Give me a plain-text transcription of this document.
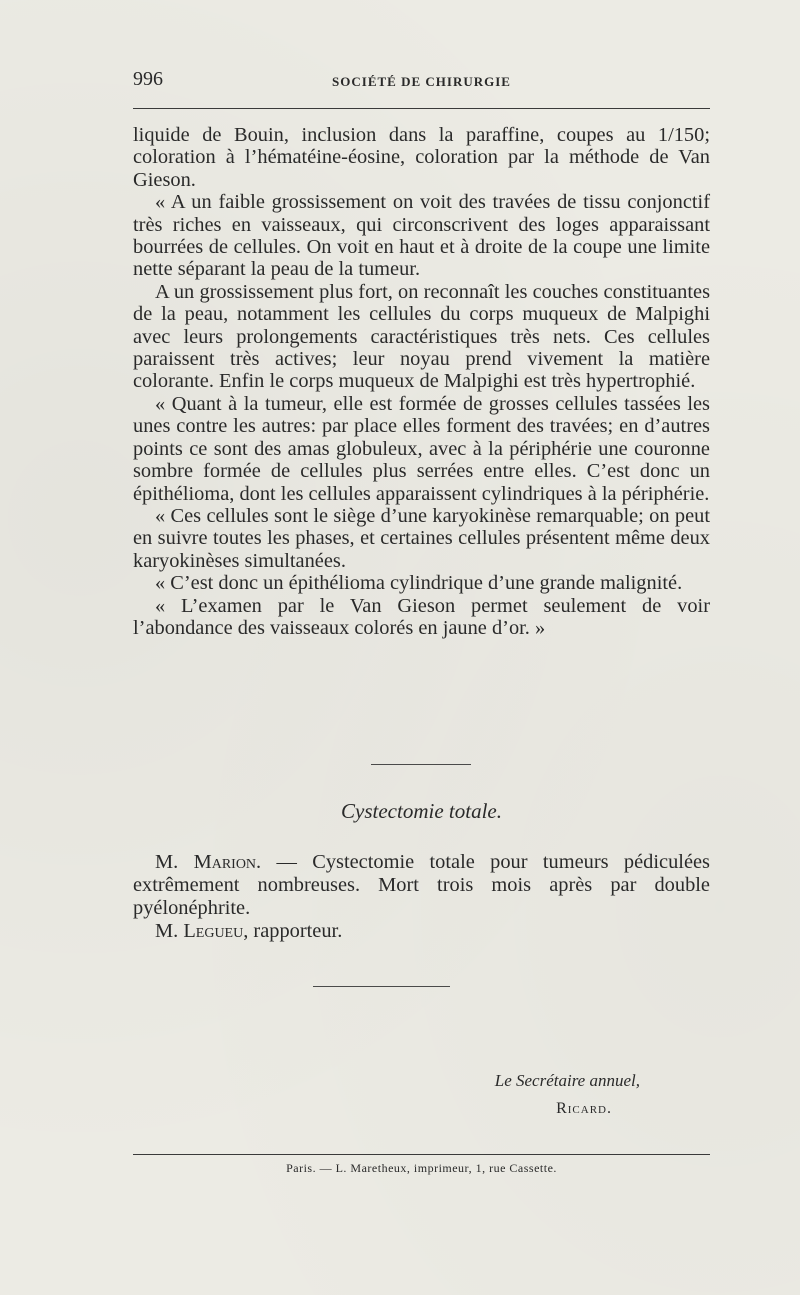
996	SOCIÉTÉ DE CHIRURGIE

liquide de Bouin, inclusion dans la paraffine, coupes au 1/150; coloration à l’hématéine-éosine, coloration par la méthode de Van Gieson.

« A un faible grossissement on voit des travées de tissu conjonctif très riches en vaisseaux, qui circonscrivent des loges apparaissant bourrées de cellules. On voit en haut et à droite de la coupe une limite nette séparant la peau de la tumeur.

A un grossissement plus fort, on reconnaît les couches constituantes de la peau, notamment les cellules du corps muqueux de Malpighi avec leurs prolongements caractéristiques très nets. Ces cellules paraissent très actives; leur noyau prend vivement la matière colorante. Enfin le corps muqueux de Malpighi est très hypertrophié.

« Quant à la tumeur, elle est formée de grosses cellules tassées les unes contre les autres: par place elles forment des travées; en d’autres points ce sont des amas globuleux, avec à la périphérie une couronne sombre formée de cellules plus serrées entre elles. C’est donc un épithélioma, dont les cellules apparaissent cylindriques à la périphérie.

« Ces cellules sont le siège d’une karyokinèse remarquable; on peut en suivre toutes les phases, et certaines cellules présentent même deux karyokinèses simultanées.

« C’est donc un épithélioma cylindrique d’une grande malignité.

« L’examen par le Van Gieson permet seulement de voir l’abondance des vaisseaux colorés en jaune d’or. »

Cystectomie totale.

M. Marion. — Cystectomie totale pour tumeurs pédiculées extrêmement nombreuses. Mort trois mois après par double pyélonéphrite.

M. Legueu, rapporteur.

Le Secrétaire annuel,
Ricard.
Paris. — L. Maretheux, imprimeur, 1, rue Cassette.
